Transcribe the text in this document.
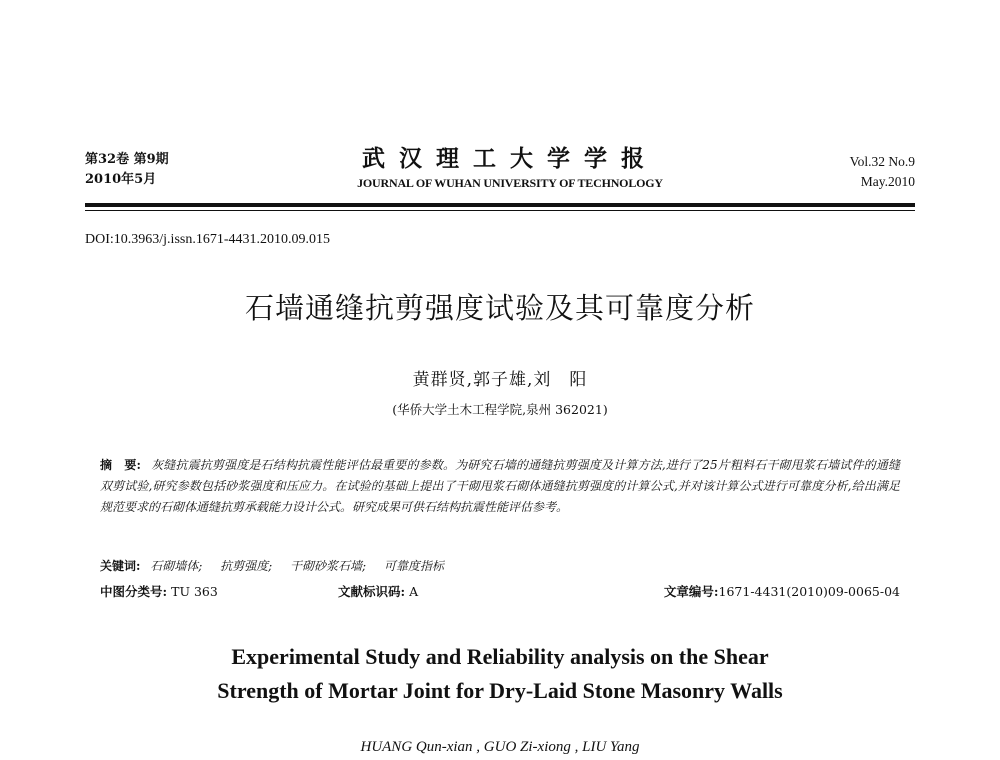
第32卷 第9期
2010年5月
武汉理工大学学报
JOURNAL OF WUHAN UNIVERSITY OF TECHNOLOGY
Vol.32 No.9
May.2010
DOI:10.3963/j.issn.1671-4431.2010.09.015
石墙通缝抗剪强度试验及其可靠度分析
黄群贤,郭子雄,刘　阳
(华侨大学土木工程学院,泉州 362021)
摘　要: 灰缝抗震抗剪强度是石结构抗震性能评估最重要的参数。为研究石墙的通缝抗剪强度及计算方法,进行了25片粗料石干砌甩浆石墙试件的通缝双剪试验,研究参数包括砂浆强度和压应力。在试验的基础上提出了干砌甩浆石砌体通缝抗剪强度的计算公式,并对该计算公式进行可靠度分析,给出满足规范要求的石砌体通缝抗剪承载能力设计公式。研究成果可供石结构抗震性能评估参考。
关键词: 石砌墙体; 抗剪强度; 干砌砂浆石墙; 可靠度指标
中图分类号: TU 363	文献标识码: A	文章编号:1671-4431(2010)09-0065-04
Experimental Study and Reliability analysis on the Shear
Strength of Mortar Joint for Dry-Laid Stone Masonry Walls
HUANG Qun-xian , GUO Zi-xiong , LIU Yang
